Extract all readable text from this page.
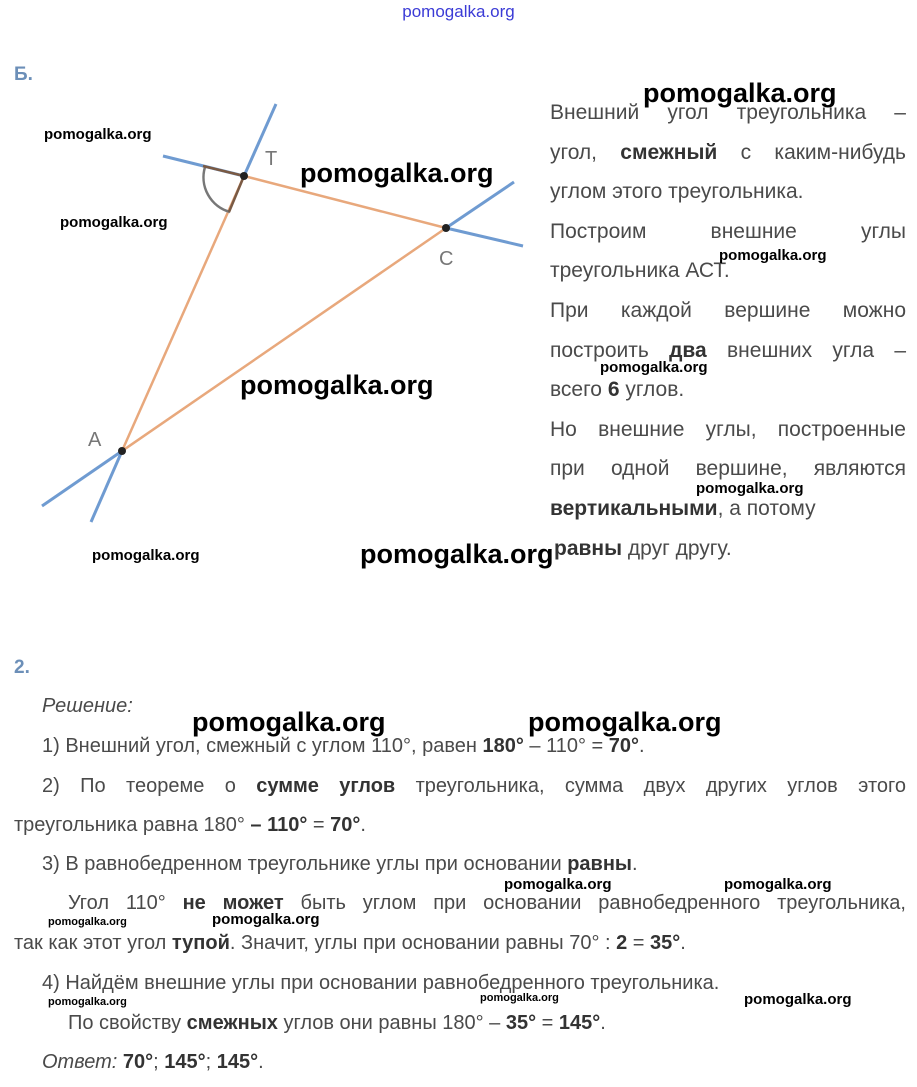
pomogalka.org
Б.
T
C
A
Внешний угол треугольника –
угол, смежный с каким-нибудь
углом этого треугольника.
Построим внешние углы
треугольника АСТ.
При каждой вершине можно
построить два внешних угла –
всего 6 углов.
Но внешние углы, построенные
при одной вершине, являются
вертикальными, а потому
равны друг другу.
2.
Решение:
1) Внешний угол, смежный с углом 110°, равен 180° – 110° = 70°.
2) По теореме о сумме углов треугольника, сумма двух других углов этого
треугольника равна 180° – 110° = 70°.
3) В равнобедренном треугольнике углы при основании равны.
Угол 110° не может быть углом при основании равнобедренного треугольника,
так как этот угол тупой. Значит, углы при основании равны 70° : 2 = 35°.
4) Найдём внешние углы при основании равнобедренного треугольника.
По свойству смежных углов они равны 180° – 35° = 145°.
Ответ: 70°; 145°; 145°.
pomogalka.org
pomogalka.org
pomogalka.org
pomogalka.org
pomogalka.org
pomogalka.org
pomogalka.org
pomogalka.org
pomogalka.org	pomogalka.org
pomogalka.org	pomogalka.org
pomogalka.org	pomogalka.org
pomogalka.org	pomogalka.org
pomogalka.org	pomogalka.org	pomogalka.org
